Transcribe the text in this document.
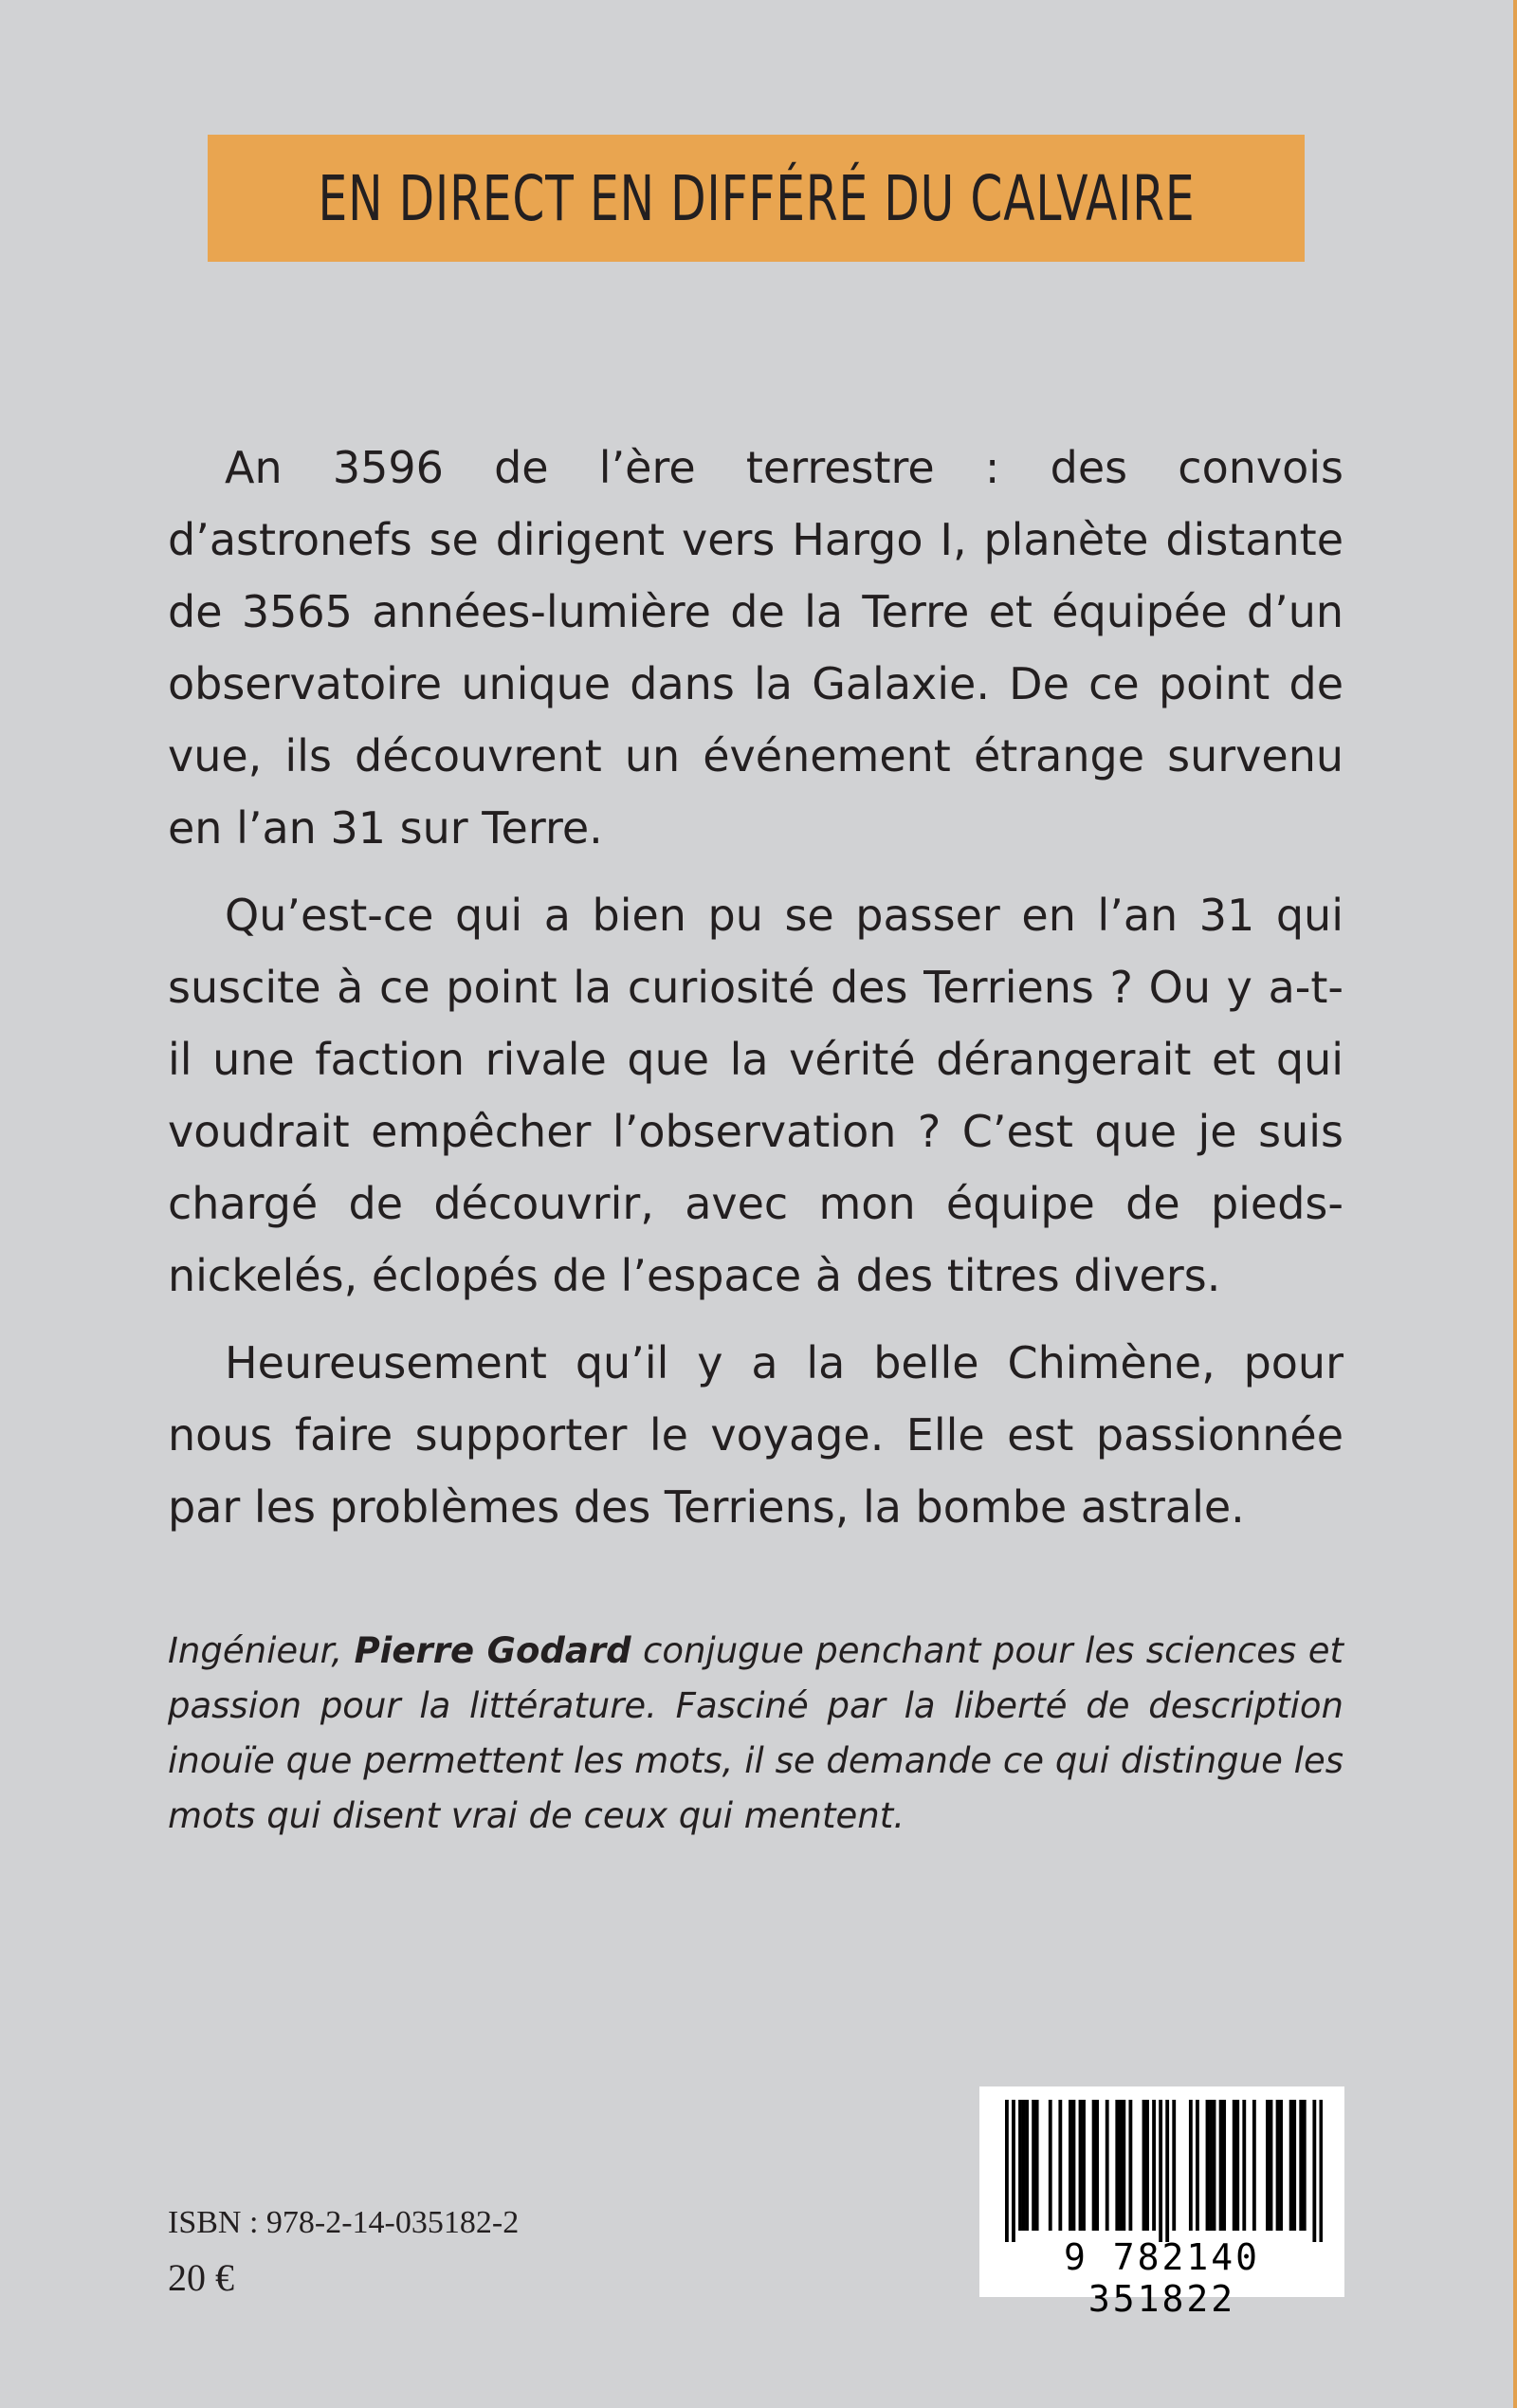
EN DIRECT EN DIFFÉRÉ DU CALVAIRE

An 3596 de l’ère terrestre : des convois d’astronefs se dirigent vers Hargo I, planète distante de 3565 années-lumière de la Terre et équipée d’un observatoire unique dans la Galaxie. De ce point de vue, ils découvrent un événement étrange survenu en l’an 31 sur Terre.

Qu’est-ce qui a bien pu se passer en l’an 31 qui suscite à ce point la curiosité des Terriens ? Ou y a-t-il une faction rivale que la vérité dérangerait et qui voudrait empêcher l’observation ? C’est que je suis chargé de découvrir, avec mon équipe de pieds-nickelés, éclopés de l’espace à des titres divers.

Heureusement qu’il y a la belle Chimène, pour nous faire supporter le voyage. Elle est passionnée par les problèmes des Terriens, la bombe astrale.

Ingénieur, Pierre Godard conjugue penchant pour les sciences et passion pour la littérature. Fasciné par la liberté de description inouïe que permettent les mots, il se demande ce qui distingue les mots qui disent vrai de ceux qui mentent.
ISBN : 978-2-14-035182-2
20 €	9 782140 351822
